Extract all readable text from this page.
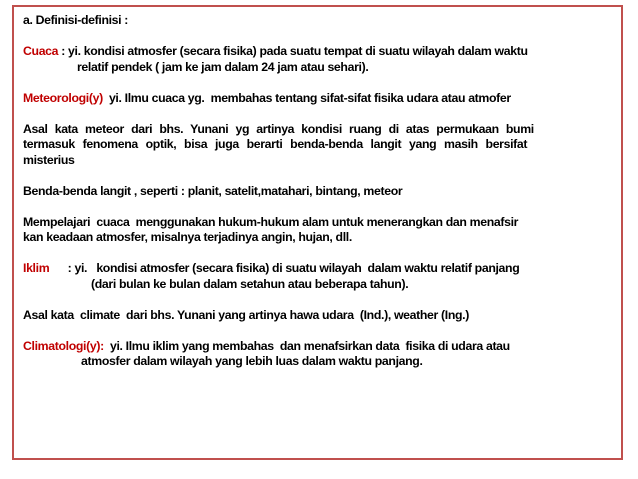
a. Definisi-definisi :

Cuaca : yi. kondisi atmosfer (secara fisika) pada suatu tempat di suatu wilayah dalam waktu

relatif pendek ( jam ke jam dalam 24 jam atau sehari).

Meteorologi(y)  yi. Ilmu cuaca yg.  membahas tentang sifat-sifat fisika udara atau atmofer

Asal  kata  meteor  dari  bhs.  Yunani  yg  artinya  kondisi  ruang  di  atas  permukaan  bumi

termasuk  fenomena  optik,  bisa  juga  berarti  benda-benda  langit  yang  masih  bersifat

misterius

Benda-benda langit , seperti : planit, satelit,matahari, bintang, meteor

Mempelajari  cuaca  menggunakan hukum-hukum alam untuk menerangkan dan menafsir

kan keadaan atmosfer, misalnya terjadinya angin, hujan, dll.

Iklim      : yi.   kondisi atmosfer (secara fisika) di suatu wilayah  dalam waktu relatif panjang

(dari bulan ke bulan dalam setahun atau beberapa tahun).

Asal kata  climate  dari bhs. Yunani yang artinya hawa udara  (Ind.), weather (Ing.)

Climatologi(y):  yi. Ilmu iklim yang membahas  dan menafsirkan data  fisika di udara atau

atmosfer dalam wilayah yang lebih luas dalam waktu panjang.
